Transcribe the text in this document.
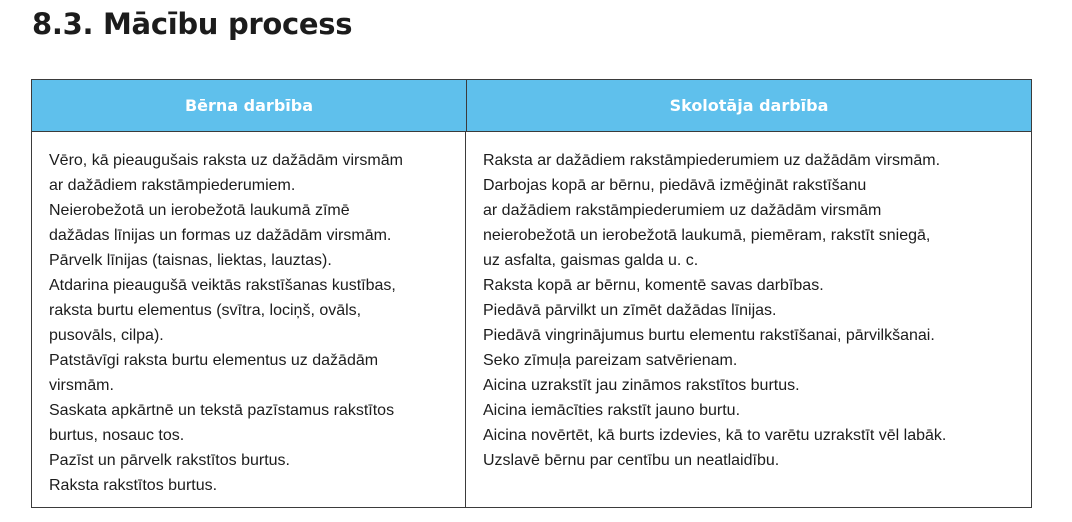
8.3. Mācību process
Bērna darbība	Skolotāja darbība
Vēro, kā pieaugušais raksta uz dažādām virsmām
ar dažādiem rakstāmpiederumiem.
Neierobežotā un ierobežotā laukumā zīmē
dažādas līnijas un formas uz dažādām virsmām.
Pārvelk līnijas (taisnas, liektas, lauztas).
Atdarina pieaugušā veiktās rakstīšanas kustības,
raksta burtu elementus (svītra, lociņš, ovāls,
pusovāls, cilpa).
Patstāvīgi raksta burtu elementus uz dažādām
virsmām.
Saskata apkārtnē un tekstā pazīstamus rakstītos
burtus, nosauc tos.
Pazīst un pārvelk rakstītos burtus.
Raksta rakstītos burtus.
Raksta ar dažādiem rakstāmpiederumiem uz dažādām virsmām.
Darbojas kopā ar bērnu, piedāvā izmēģināt rakstīšanu
ar dažādiem rakstāmpiederumiem uz dažādām virsmām
neierobežotā un ierobežotā laukumā, piemēram, rakstīt sniegā,
uz asfalta, gaismas galda u. c.
Raksta kopā ar bērnu, komentē savas darbības.
Piedāvā pārvilkt un zīmēt dažādas līnijas.
Piedāvā vingrinājumus burtu elementu rakstīšanai, pārvilkšanai.
Seko zīmuļa pareizam satvērienam.
Aicina uzrakstīt jau zināmos rakstītos burtus.
Aicina iemācīties rakstīt jauno burtu.
Aicina novērtēt, kā burts izdevies, kā to varētu uzrakstīt vēl labāk.
Uzslavē bērnu par centību un neatlaidību.
